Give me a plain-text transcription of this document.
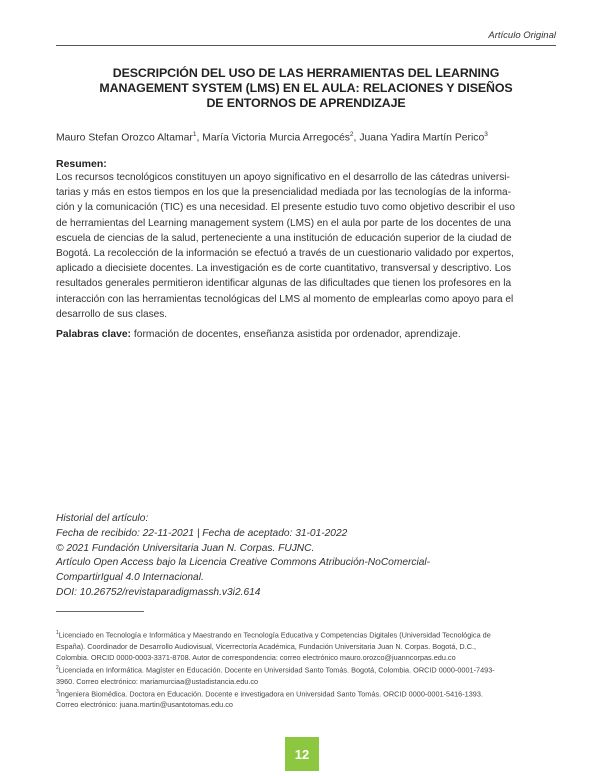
Artículo Original
DESCRIPCIÓN DEL USO DE LAS HERRAMIENTAS DEL LEARNING
MANAGEMENT SYSTEM (LMS) EN EL AULA: RELACIONES Y DISEÑOS
DE ENTORNOS DE APRENDIZAJE
Mauro Stefan Orozco Altamar$^1$, María Victoria Murcia Arregocés$^2$, Juana Yadira Martín Perico$^3$
Resumen:
Los recursos tecnológicos constituyen un apoyo significativo en el desarrollo de las cátedras universi-
tarias y más en estos tiempos en los que la presencialidad mediada por las tecnologías de la informa-
ción y la comunicación (TIC) es una necesidad. El presente estudio tuvo como objetivo describir el uso
de herramientas del Learning management system (LMS) en el aula por parte de los docentes de una
escuela de ciencias de la salud, perteneciente a una institución de educación superior de la ciudad de
Bogotá. La recolección de la información se efectuó a través de un cuestionario validado por expertos,
aplicado a diecisiete docentes. La investigación es de corte cuantitativo, transversal y descriptivo. Los
resultados generales permitieron identificar algunas de las dificultades que tienen los profesores en la
interacción con las herramientas tecnológicas del LMS al momento de emplearlas como apoyo para el
desarrollo de sus clases.
Palabras clave: formación de docentes, enseñanza asistida por ordenador, aprendizaje.
Historial del artículo:
Fecha de recibido: 22-11-2021 | Fecha de aceptado: 31-01-2022
© 2021 Fundación Universitaria Juan N. Corpas. FUJNC.
Artículo Open Access bajo la Licencia Creative Commons Atribución-NoComercial-
CompartirIgual 4.0 Internacional.
DOI: 10.26752/revistaparadigmassh.v3i2.614
$^1$Licenciado en Tecnología e Informática y Maestrando en Tecnología Educativa y Competencias Digitales (Universidad Tecnológica de
España). Coordinador de Desarrollo Audiovisual, Vicerrectoría Académica, Fundación Universitaria Juan N. Corpas. Bogotá, D.C.,
Colombia. ORCID 0000-0003-3371-8708. Autor de correspondencia: correo electrónico mauro.orozco@juanncorpas.edu.co
$^2$Licenciada en Informática. Magíster en Educación. Docente en Universidad Santo Tomás. Bogotá, Colombia. ORCID 0000-0001-7493-
3960. Correo electrónico: mariamurciaa@ustadistancia.edu.co
$^3$Ingeniera Biomédica. Doctora en Educación. Docente e investigadora en Universidad Santo Tomás. ORCID 0000-0001-5416-1393.
Correo electrónico: juana.martin@usantotomas.edu.co
12
